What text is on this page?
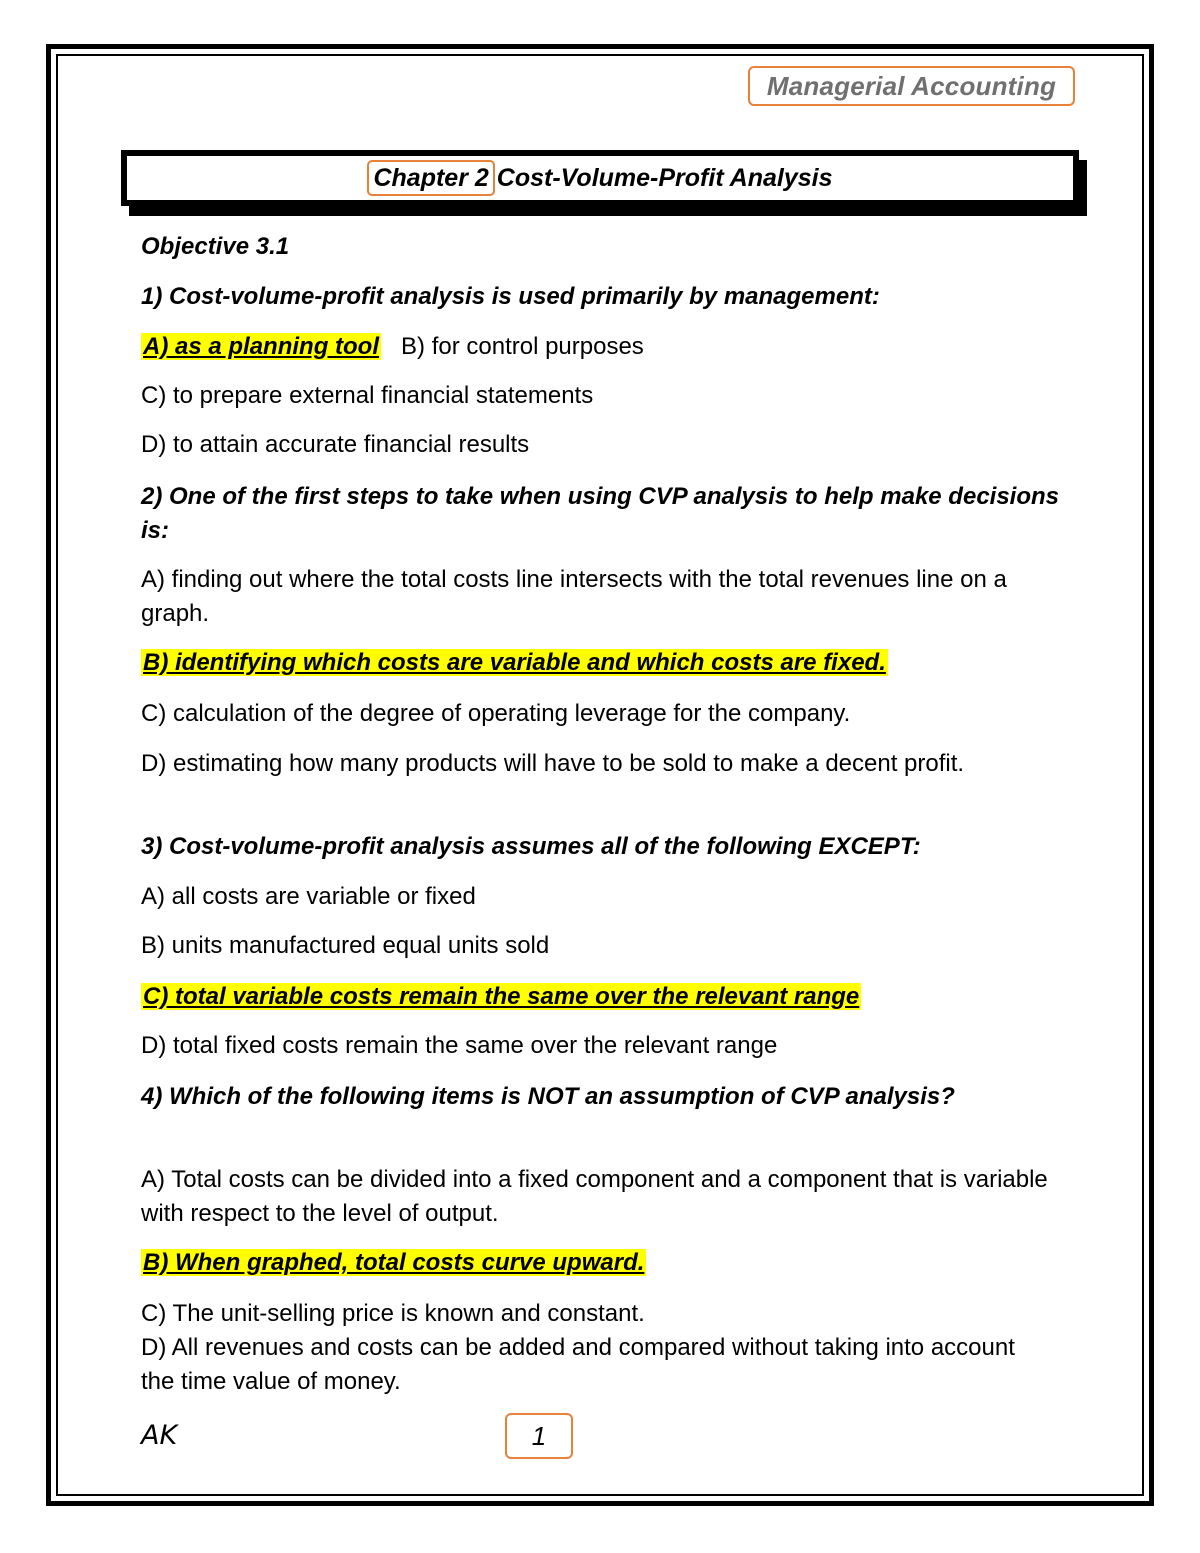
Managerial Accounting
Chapter 2 Cost-Volume-Profit Analysis

Objective 3.1

1) Cost-volume-profit analysis is used primarily by management:

A) as a planning tool B) for control purposes

C) to prepare external financial statements

D) to attain accurate financial results

2) One of the first steps to take when using CVP analysis to help make decisions is:

A) finding out where the total costs line intersects with the total revenues line on a graph.

B) identifying which costs are variable and which costs are fixed.

C) calculation of the degree of operating leverage for the company.

D) estimating how many products will have to be sold to make a decent profit.

3) Cost-volume-profit analysis assumes all of the following EXCEPT:

A) all costs are variable or fixed

B) units manufactured equal units sold

C) total variable costs remain the same over the relevant range

D) total fixed costs remain the same over the relevant range

4) Which of the following items is NOT an assumption of CVP analysis?

A) Total costs can be divided into a fixed component and a component that is variable with respect to the level of output.

B) When graphed, total costs curve upward.

C) The unit-selling price is known and constant.

D) All revenues and costs can be added and compared without taking into account the time value of money.

AK	1
